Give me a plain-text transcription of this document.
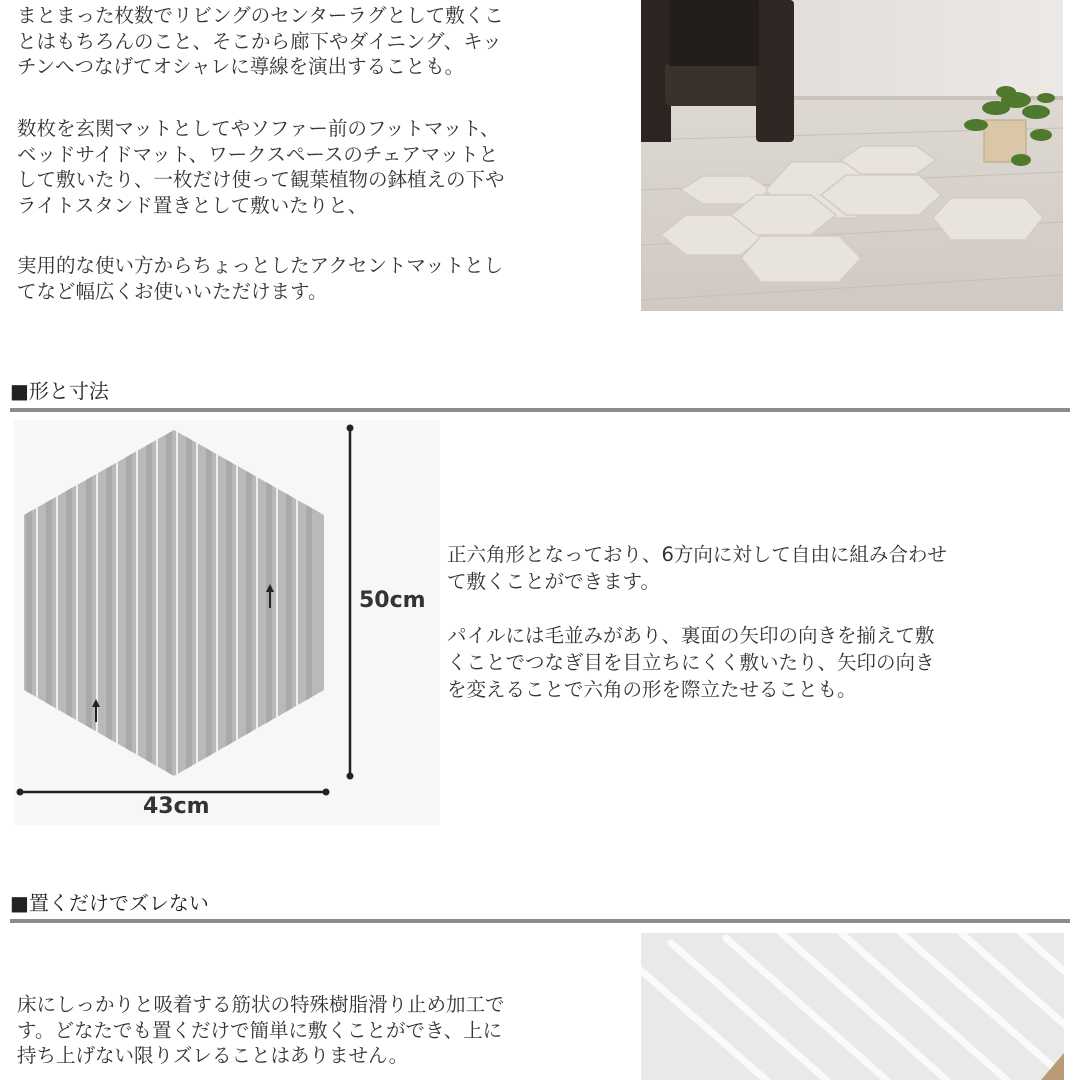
まとまった枚数でリビングのセンターラグとして敷くこ
とはもちろんのこと、そこから廊下やダイニング、キッ
チンへつなげてオシャレに導線を演出することも。
数枚を玄関マットとしてやソファー前のフットマット、
ベッドサイドマット、ワークスペースのチェアマットと
して敷いたり、一枚だけ使って観葉植物の鉢植えの下や
ライトスタンド置きとして敷いたりと、
実用的な使い方からちょっとしたアクセントマットとし
てなど幅広くお使いいただけます。
■形と寸法
50cm
43cm
正六角形となっており、6方向に対して自由に組み合わせ
て敷くことができます。
パイルには毛並みがあり、裏面の矢印の向きを揃えて敷
くことでつなぎ目を目立ちにくく敷いたり、矢印の向き
を変えることで六角の形を際立たせることも。
■置くだけでズレない
床にしっかりと吸着する筋状の特殊樹脂滑り止め加工で
す。どなたでも置くだけで簡単に敷くことができ、上に
持ち上げない限りズレることはありません。
